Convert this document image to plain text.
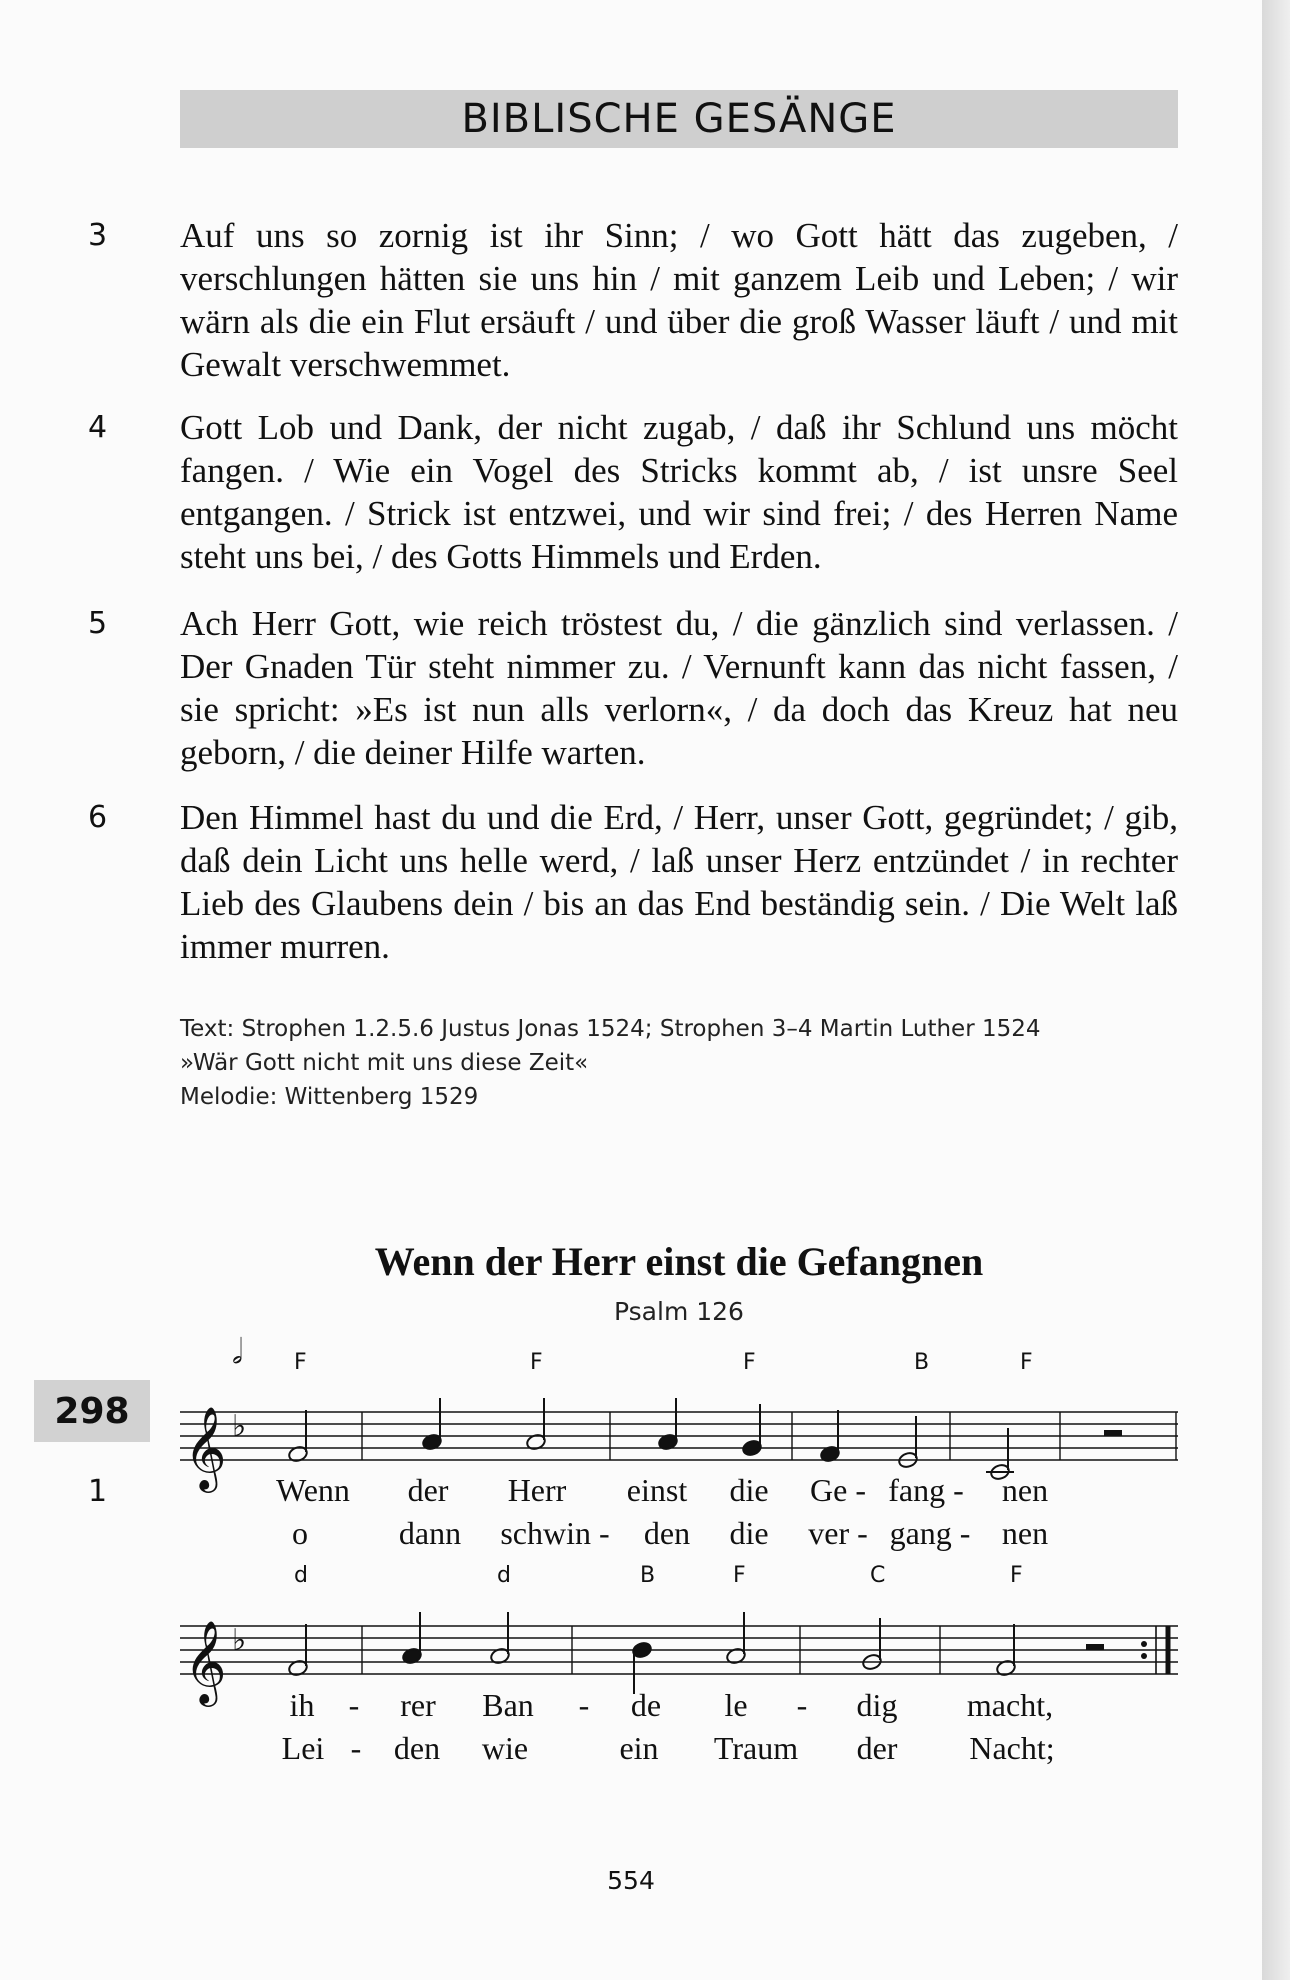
BIBLISCHE GESÄNGE
3 Auf uns so zornig ist ihr Sinn; / wo Gott hätt das zugeben, / verschlungen hätten sie uns hin / mit ganzem Leib und Leben; / wir wärn als die ein Flut ersäuft / und über die groß Wasser läuft / und mit Gewalt verschwemmet.
4 Gott Lob und Dank, der nicht zugab, / daß ihr Schlund uns möcht fangen. / Wie ein Vogel des Stricks kommt ab, / ist unsre Seel entgangen. / Strick ist entzwei, und wir sind frei; / des Herren Name steht uns bei, / des Gotts Himmels und Erden.
5 Ach Herr Gott, wie reich tröstest du, / die gänzlich sind verlassen. / Der Gnaden Tür steht nimmer zu. / Vernunft kann das nicht fassen, / sie spricht: »Es ist nun alls verlorn«, / da doch das Kreuz hat neu geborn, / die deiner Hilfe warten.
6 Den Himmel hast du und die Erd, / Herr, unser Gott, gegründet; / gib, daß dein Licht uns helle werd, / laß unser Herz entzündet / in rechter Lieb des Glaubens dein / bis an das End beständig sein. / Die Welt laß immer murren.
Text: Strophen 1.2.5.6 Justus Jonas 1524; Strophen 3–4 Martin Luther 1524
»Wär Gott nicht mit uns diese Zeit«
Melodie: Wittenberg 1529
Wenn der Herr einst die Gefangnen
Psalm 126
298
1
𝅗𝅥 F	F	F	B	F
𝄞 ♭
Wenn der Herr einst die Ge - fang - nen
o	dann schwin - den die ver - gang - nen
d	d	B	F	C	F
𝄞 ♭
ih - rer Ban - de le - dig macht,
Lei - den wie	ein Traum der Nacht;
554
